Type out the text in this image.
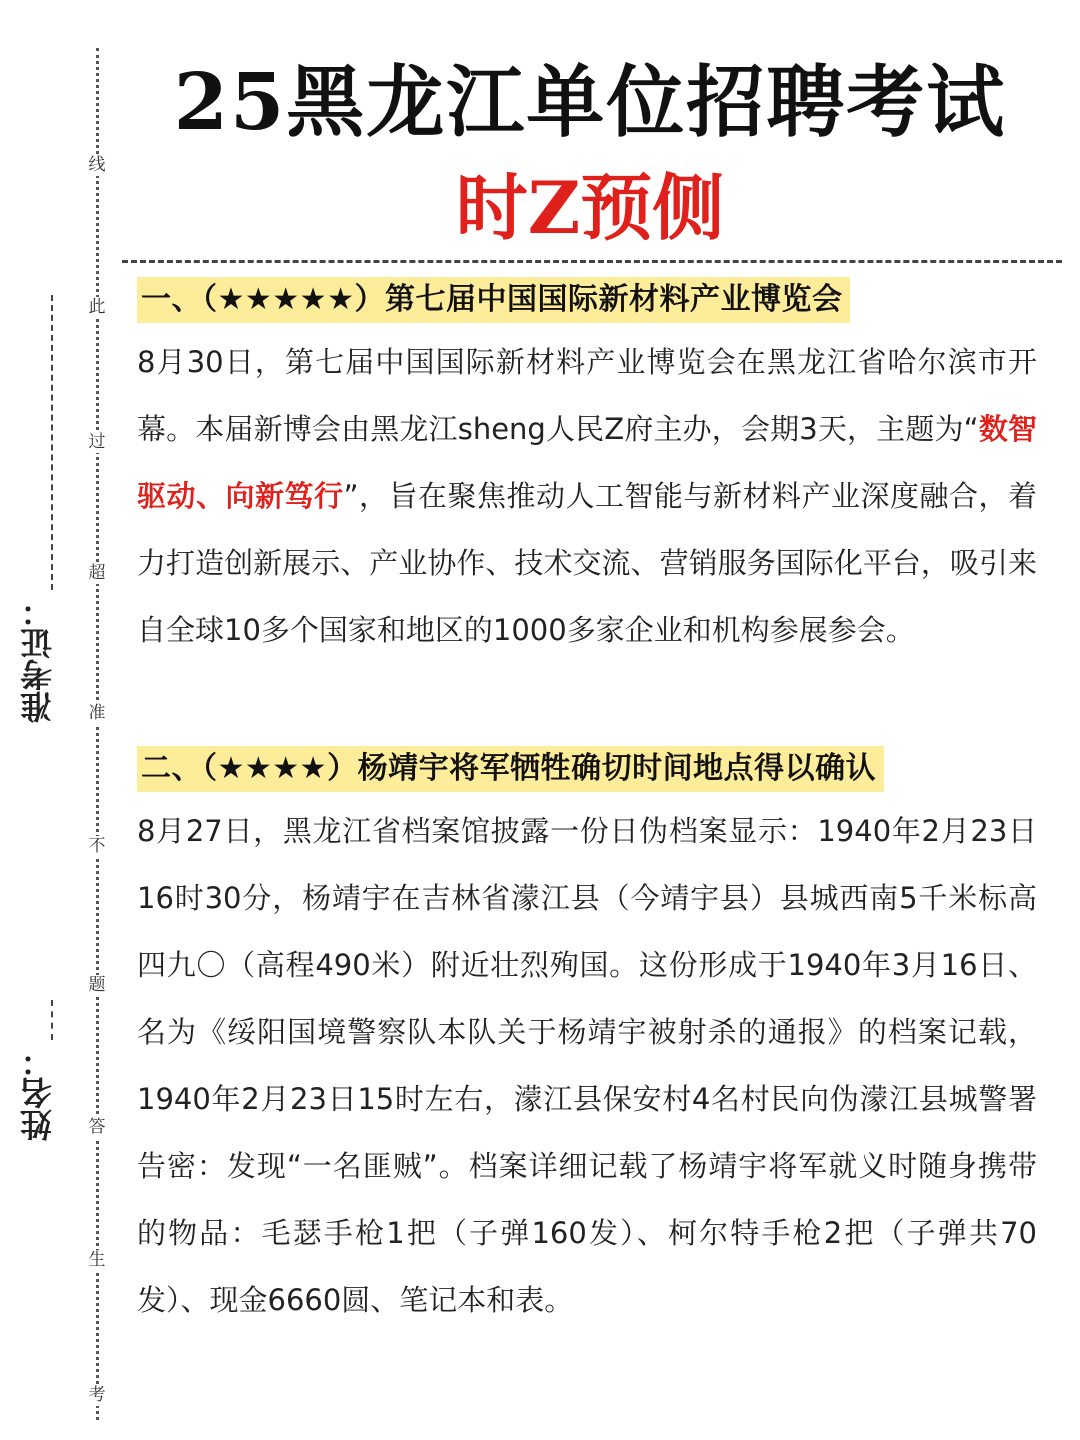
线
此
过
超
准
不
题
答
生
考
准考证：
姓名：
25黑龙江单位招聘考试
时Z预侧
一、（★★★★★）第七届中国国际新材料产业博览会

8月30日，第七届中国国际新材料产业博览会在黑龙江省哈尔滨市开幕。本届新博会由黑龙江sheng人民Z府主办，会期3天，主题为“数智驱动、向新笃行”，旨在聚焦推动人工智能与新材料产业深度融合，着力打造创新展示、产业协作、技术交流、营销服务国际化平台，吸引来自全球10多个国家和地区的1000多家企业和机构参展参会。

二、（★★★★）杨靖宇将军牺牲确切时间地点得以确认

8月27日，黑龙江省档案馆披露一份日伪档案显示：1940年2月23日16时30分，杨靖宇在吉林省濛江县（今靖宇县）县城西南5千米标高四九〇（高程490米）附近壮烈殉国。这份形成于1940年3月16日、名为《绥阳国境警察队本队关于杨靖宇被射杀的通报》的档案记载，1940年2月23日15时左右，濛江县保安村4名村民向伪濛江县城警署告密：发现“一名匪贼”。档案详细记载了杨靖宇将军就义时随身携带的物品：毛瑟手枪1把（子弹160发）、柯尔特手枪2把（子弹共70发）、现金6660圆、笔记本和表。
